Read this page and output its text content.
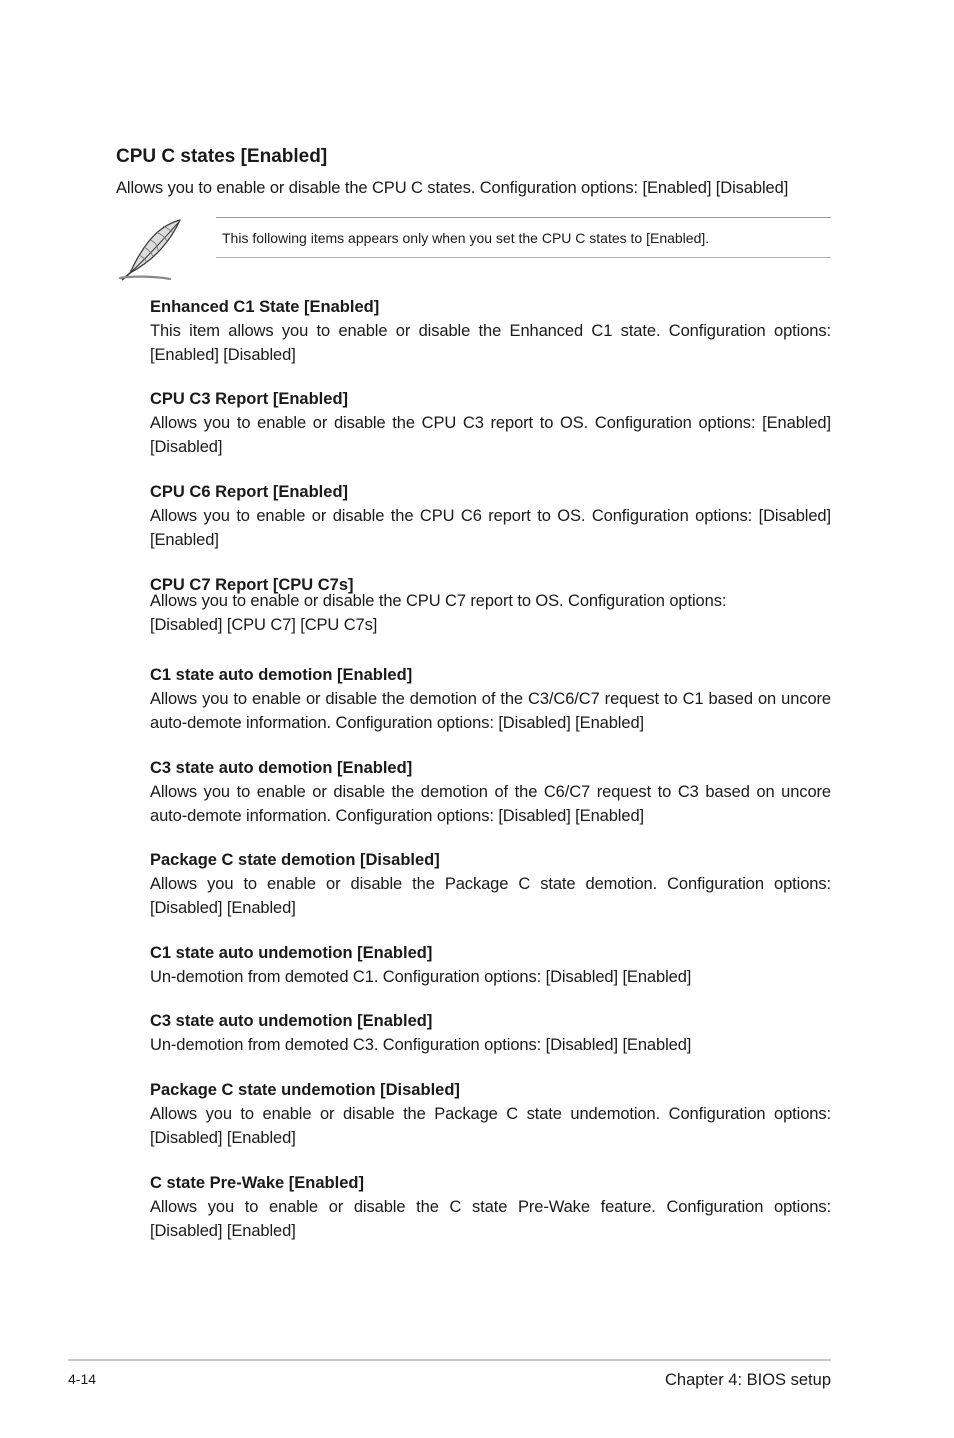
CPU C states [Enabled]

Allows you to enable or disable the CPU C states. Configuration options: [Enabled] [Disabled]

This following items appears only when you set the CPU C states to [Enabled].

Enhanced C1 State [Enabled]

This item allows you to enable or disable the Enhanced C1 state. Configuration options: [Enabled] [Disabled]

CPU C3 Report [Enabled]

Allows you to enable or disable the CPU C3 report to OS. Configuration options: [Enabled] [Disabled]

CPU C6 Report [Enabled]

Allows you to enable or disable the CPU C6 report to OS. Configuration options: [Disabled] [Enabled]

CPU C7 Report [CPU C7s]

Allows you to enable or disable the CPU C7 report to OS. Configuration options: [Disabled] [CPU C7] [CPU C7s]

C1 state auto demotion [Enabled]

Allows you to enable or disable the demotion of the C3/C6/C7 request to C1 based on uncore auto-demote information. Configuration options: [Disabled] [Enabled]

C3 state auto demotion [Enabled]

Allows you to enable or disable the demotion of the C6/C7 request to C3 based on uncore auto-demote information. Configuration options: [Disabled] [Enabled]

Package C state demotion [Disabled]

Allows you to enable or disable the Package C state demotion. Configuration options: [Disabled] [Enabled]

C1 state auto undemotion [Enabled]

Un-demotion from demoted C1. Configuration options: [Disabled] [Enabled]

C3 state auto undemotion [Enabled]

Un-demotion from demoted C3. Configuration options: [Disabled] [Enabled]

Package C state undemotion [Disabled]

Allows you to enable or disable the Package C state undemotion. Configuration options: [Disabled] [Enabled]

C state Pre-Wake [Enabled]

Allows you to enable or disable the C state Pre-Wake feature. Configuration options: [Disabled] [Enabled]

4-14	Chapter 4: BIOS setup
